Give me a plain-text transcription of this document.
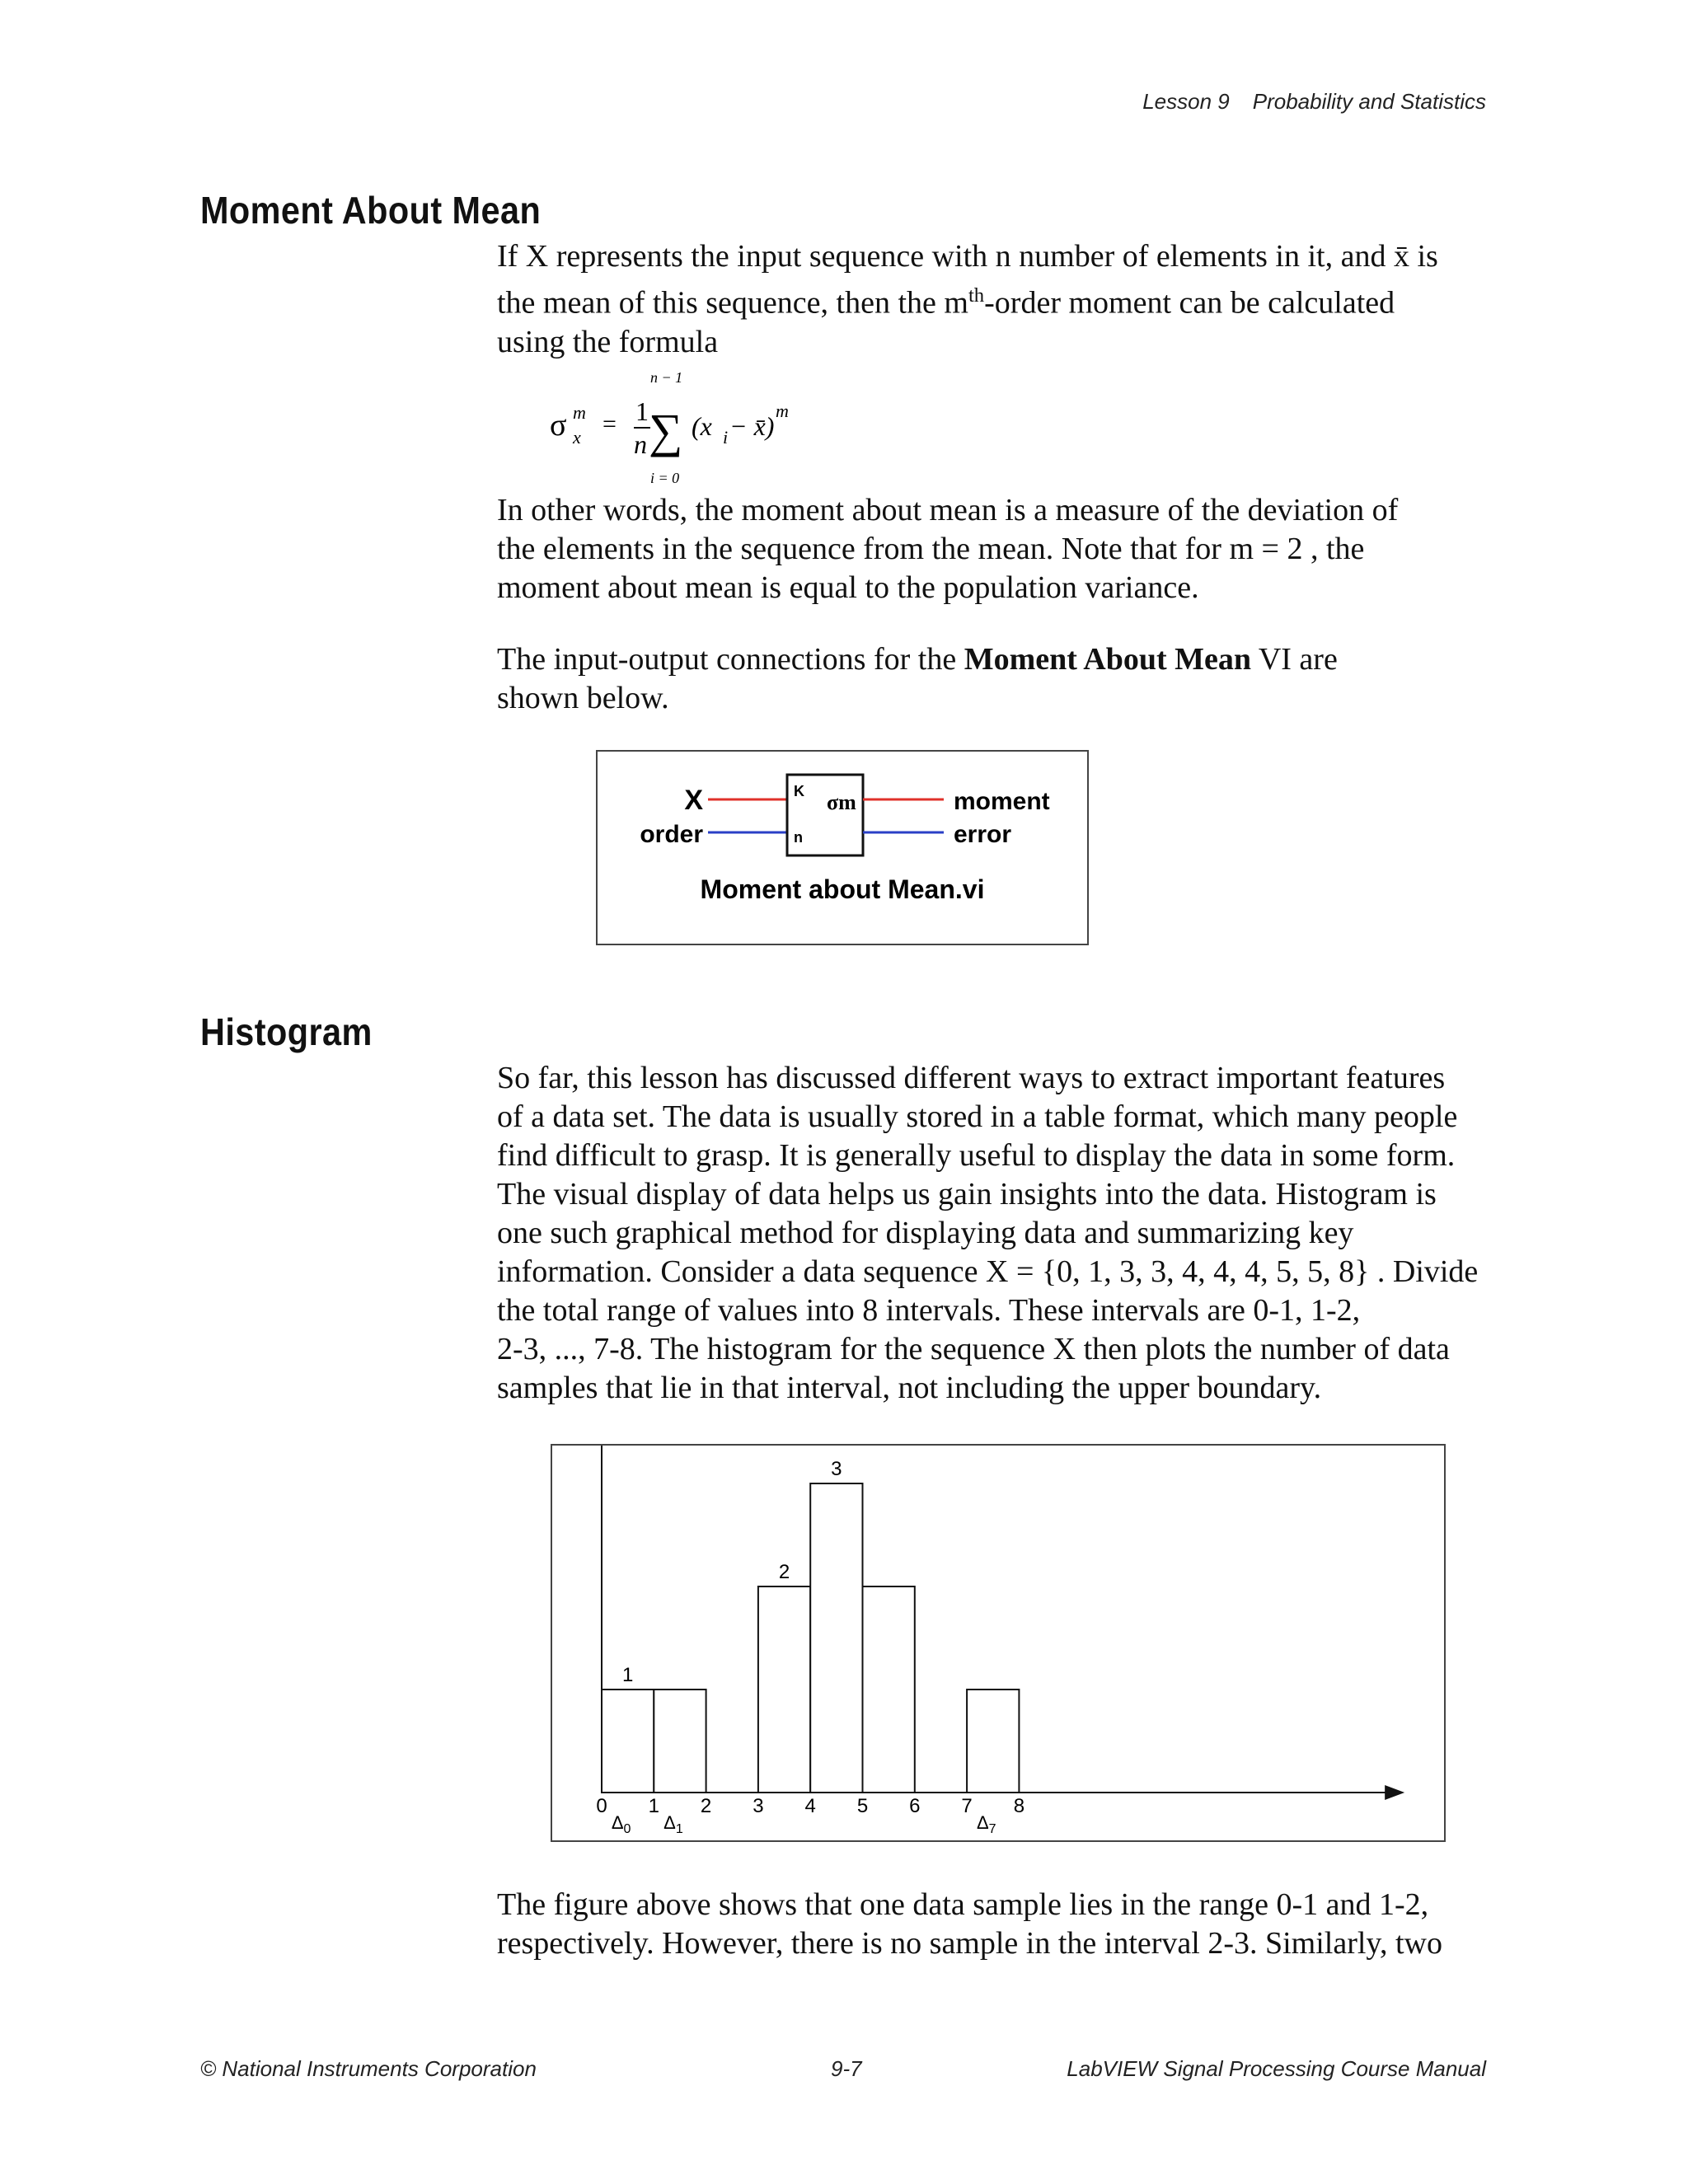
Lesson 9 Probability and Statistics
Moment About Mean
If X represents the input sequence with n number of elements in it, and x̄ is
the mean of this sequence, then the $m^{th}$-order moment can be calculated
using the formula
σ x
m = 1
n ∑
n − 1
i = 0
(x i − x̄)
m
In other words, the moment about mean is a measure of the deviation of
the elements in the sequence from the mean. Note that for m = 2 , the
moment about mean is equal to the population variance.
The input-output connections for the Moment About Mean VI are
shown below.
X
order
K
n
σm	moment
error
Moment about Mean.vi
Histogram
So far, this lesson has discussed different ways to extract important features
of a data set. The data is usually stored in a table format, which many people
find difficult to grasp. It is generally useful to display the data in some form.
The visual display of data helps us gain insights into the data. Histogram is
one such graphical method for displaying data and summarizing key
information. Consider a data sequence X = {0, 1, 3, 3, 4, 4, 4, 5, 5, 8} . Divide
the total range of values into 8 intervals. These intervals are 0-1, 1-2,
2-3, ..., 7-8. The histogram for the sequence X then plots the number of data
samples that lie in that interval, not including the upper boundary.
1
2
3
0 1 2 3 4 5 6 7 8
$\Delta_0$ $\Delta_1$	$\Delta_7$
The figure above shows that one data sample lies in the range 0-1 and 1-2,
respectively. However, there is no sample in the interval 2-3. Similarly, two
© National Instruments Corporation	9-7	LabVIEW Signal Processing Course Manual
